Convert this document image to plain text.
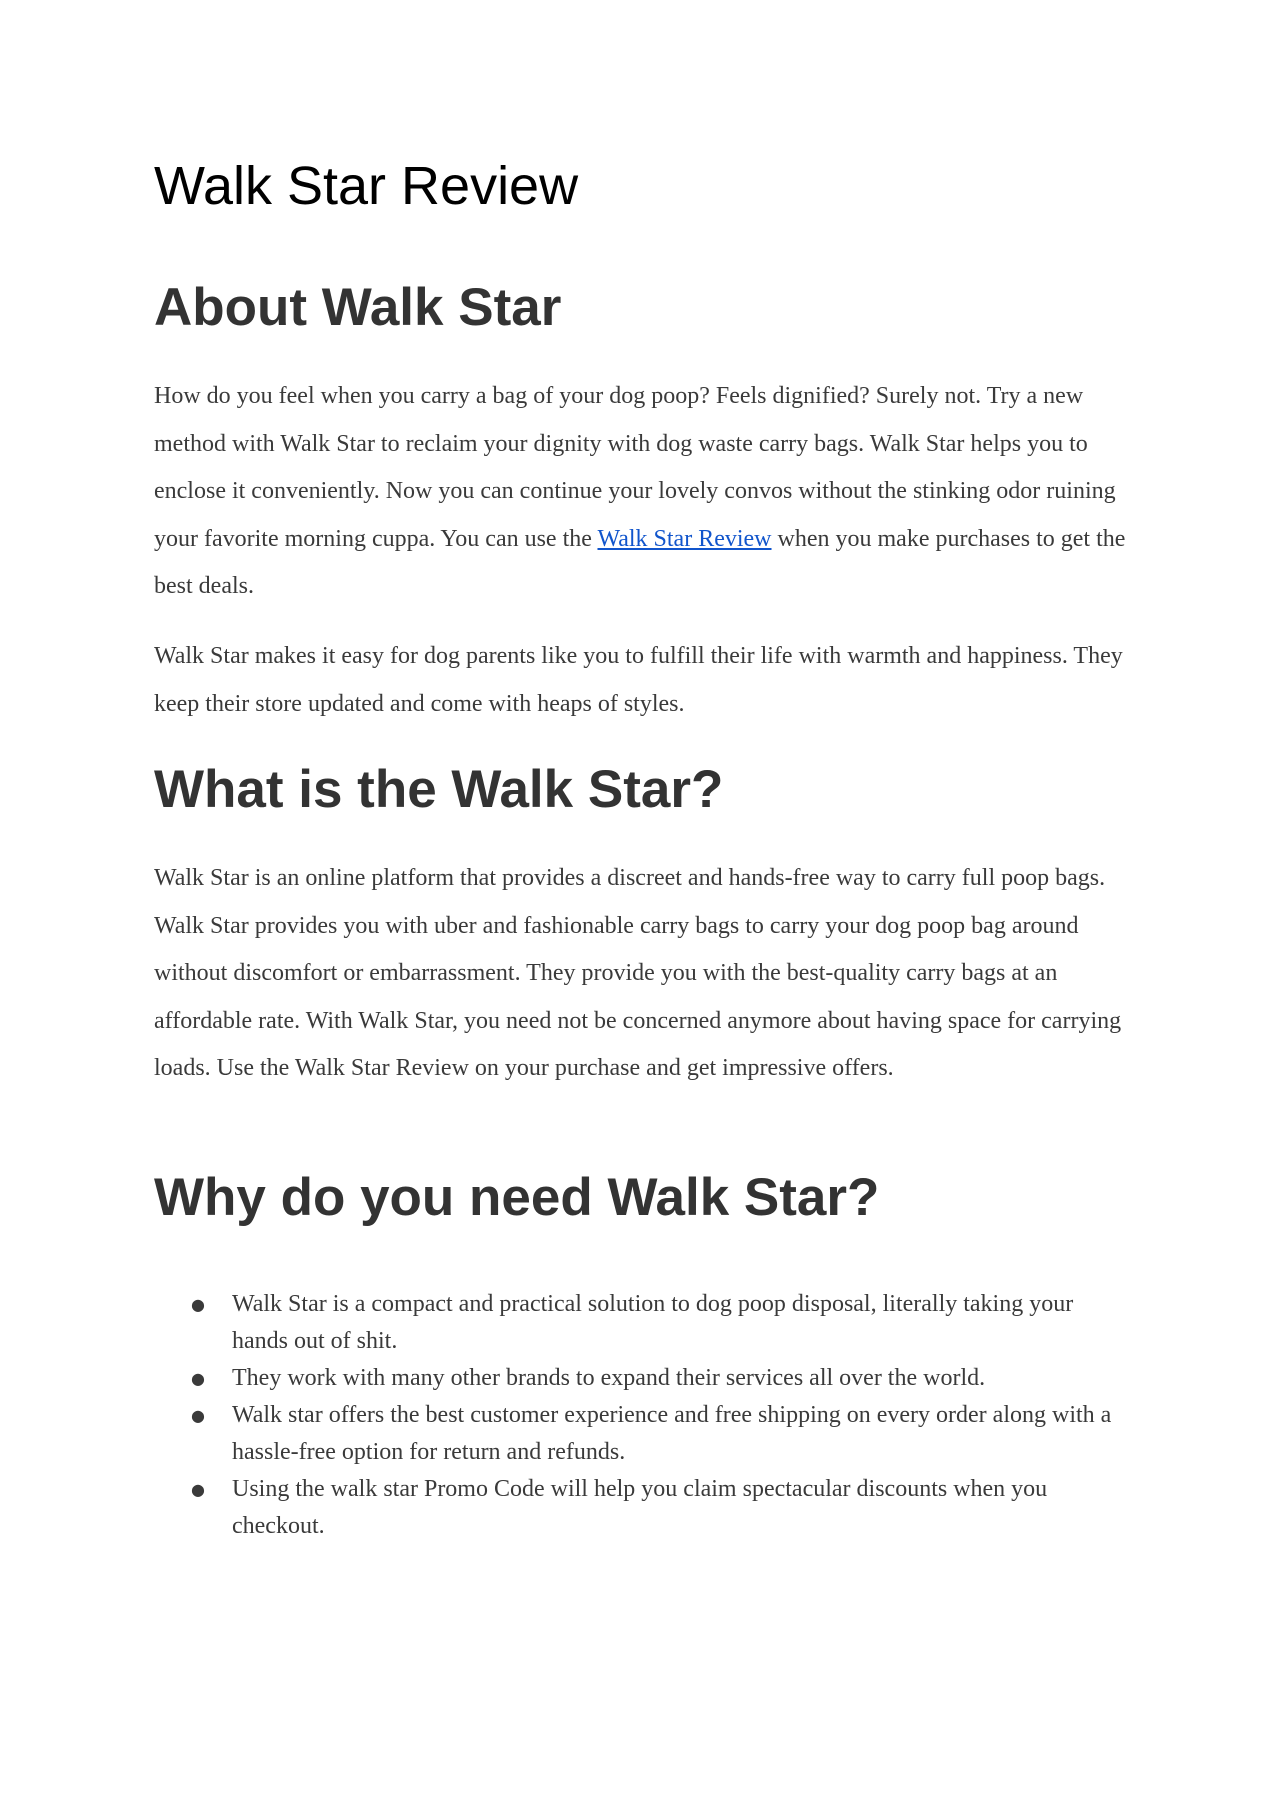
Walk Star Review
About Walk Star

How do you feel when you carry a bag of your dog poop? Feels dignified? Surely not. Try a new method with Walk Star to reclaim your dignity with dog waste carry bags. Walk Star helps you to enclose it conveniently. Now you can continue your lovely convos without the stinking odor ruining your favorite morning cuppa. You can use the Walk Star Review when you make purchases to get the best deals.

Walk Star makes it easy for dog parents like you to fulfill their life with warmth and happiness. They keep their store updated and come with heaps of styles.

What is the Walk Star?

Walk Star is an online platform that provides a discreet and hands-free way to carry full poop bags. Walk Star provides you with uber and fashionable carry bags to carry your dog poop bag around without discomfort or embarrassment. They provide you with the best-quality carry bags at an affordable rate. With Walk Star, you need not be concerned anymore about having space for carrying loads. Use the Walk Star Review on your purchase and get impressive offers.

Why do you need Walk Star?
● Walk Star is a compact and practical solution to dog poop disposal, literally taking your hands out of shit.
● They work with many other brands to expand their services all over the world.
● Walk star offers the best customer experience and free shipping on every order along with a hassle-free option for return and refunds.
● Using the walk star Promo Code will help you claim spectacular discounts when you checkout.
